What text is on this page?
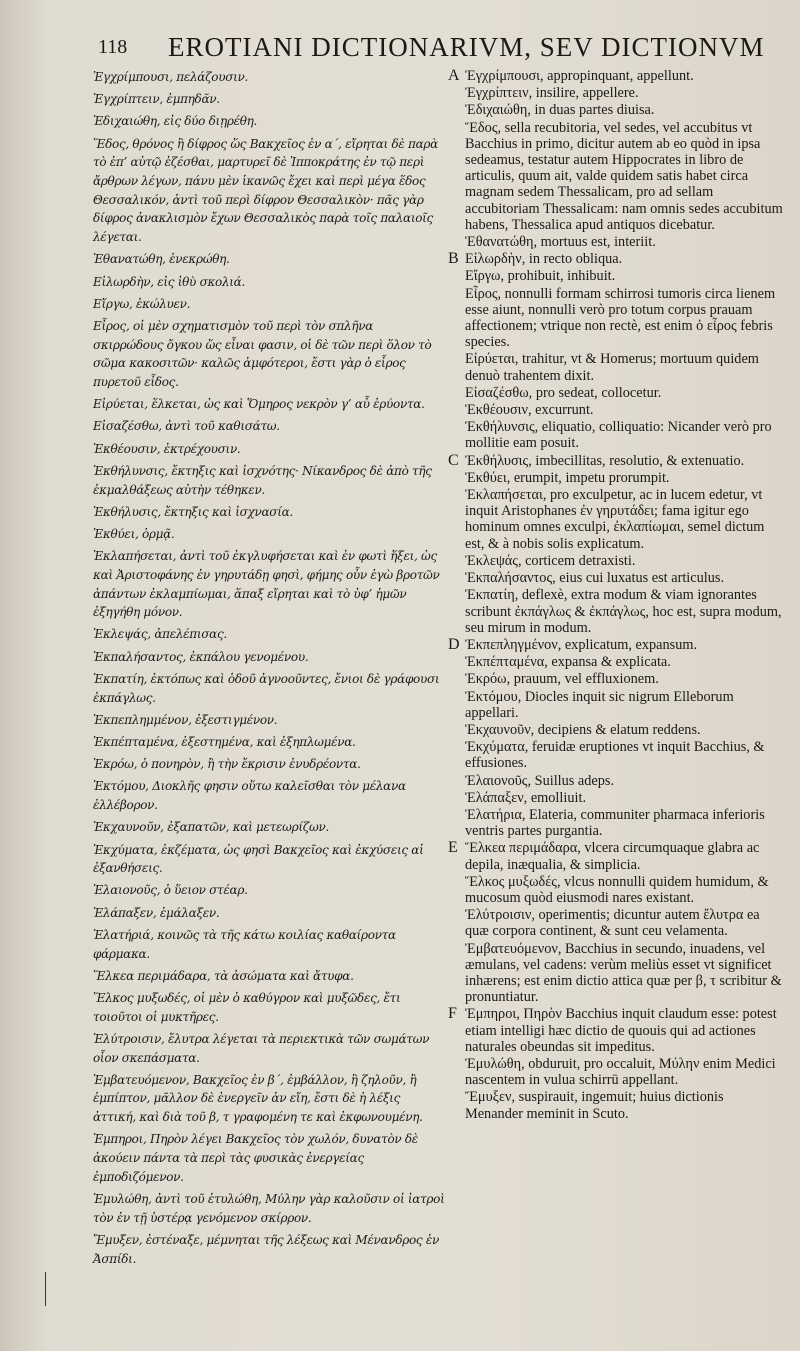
118 EROTIANI DICTIONARIVM, SEV DICTIONVM
Ἐγχρίμπουσι, πελάζουσιν.
Ἐγχρίπτειν, ἐμπηδᾶν.
Ἐδιχαιώθη, εἰς δύο διῃρέθη.
Ἕδος, θρόνος ἢ δίφρος ὥς Βακχεῖος ἐν α΄, εἴρηται δὲ παρὰ τὸ ἐπ’ αὐτῷ ἐζέσθαι, μαρτυρεῖ δὲ Ἱπποκράτης ἐν τῷ περὶ ἄρθρων λέγων, πάνυ μὲν ἱκανῶς ἔχει καὶ περὶ μέγα ἕδος Θεσσαλικόν, ἀντὶ τοῦ περὶ δίφρον Θεσσαλικὸν· πᾶς γὰρ δίφρος ἀνακλισμὸν ἔχων Θεσσαλικὸς παρὰ τοῖς παλαιοῖς λέγεται.
Ἐθανατώθη, ἐνεκρώθη.
Εἰλωρδὴν, εἰς ἰθὺ σκολιά.
Εἴργω, ἐκώλυεν.
Εἶρος, οἱ μὲν σχηματισμὸν τοῦ περὶ τὸν σπλῆνα σκιρρώδους ὄγκου ὥς εἶναι φασιν, οἱ δὲ τῶν περὶ ὅλον τὸ σῶμα κακοσιτῶν· καλῶς ἀμφότεροι, ἔστι γὰρ ὁ εἶρος πυρετοῦ εἶδος.
Εἰρύεται, ἕλκεται, ὡς καὶ Ὅμηρος νεκρὸν γ’ αὖ ἐρύοντα.
Εἰσαζέσθω, ἀντὶ τοῦ καθισάτω.
Ἐκθέουσιν, ἐκτρέχουσιν.
Ἐκθήλυνσις, ἔκτηξις καὶ ἰσχνότης· Νίκανδρος δὲ ἀπὸ τῆς ἐκμαλθάξεως αὐτὴν τέθηκεν.
Ἐκθήλυσις, ἔκτηξις καὶ ἰσχνασία.
Ἐκθύει, ὁρμᾷ.
Ἐκλαπήσεται, ἀντὶ τοῦ ἐκγλυφήσεται καὶ ἐν φωτὶ ἥξει, ὡς καὶ Ἀριστοφάνης ἐν γηρυτάδῃ φησὶ, φήμης οὖν ἐγὼ βροτῶν ἁπάντων ἐκλαμπίωμαι, ἅπαξ εἴρηται καὶ τὸ ὑφ’ ἡμῶν ἐξηγήθη μόνον.
Ἐκλεψάς, ἀπελέπισας.
Ἐκπαλήσαντος, ἐκπάλου γενομένου.
Ἐκπατίη, ἐκτόπως καὶ ὁδοῦ ἀγνοοῦντες, ἔνιοι δὲ γράφουσι ἐκπάγλως.
Ἐκπεπλημμένον, ἐξεστιγμένον.
Ἐκπέπταμένα, ἐξεστημένα, καὶ ἐξηπλωμένα.
Ἐκρόω, ὁ πονηρὸν, ἢ τὴν ἔκρισιν ἐνυδρέοντα.
Ἐκτόμου, Διοκλῆς φησιν οὕτω καλεῖσθαι τὸν μέλανα ἐλλέβορον.
Ἐκχαυνοῦν, ἐξαπατῶν, καὶ μετεωρίζων.
Ἐκχύματα, ἐκζέματα, ὡς φησὶ Βακχεῖος καὶ ἐκχύσεις αἱ ἐξανθήσεις.
Ἐλαιονοῦς, ὁ ὕειον στέαρ.
Ἐλάπαξεν, ἐμάλαξεν.
Ἐλατήριά, κοινῶς τὰ τῆς κάτω κοιλίας καθαίροντα φάρμακα.
Ἕλκεα περιμάδαρα, τὰ ἀσώματα καὶ ἄτυφα.
Ἕλκος μυξωδές, οἱ μὲν ὁ καθύγρον καὶ μυξῶδες, ἔτι τοιοῦτοι οἱ μυκτῆρες.
Ἐλύτροισιν, ἔλυτρα λέγεται τὰ περιεκτικὰ τῶν σωμάτων οἷον σκεπάσματα.
Ἐμβατευόμενον, Βακχεῖος ἐν β΄, ἐμβάλλον, ἢ ζηλοῦν, ἢ ἐμπίπτον, μᾶλλον δὲ ἐνεργεῖν ἀν εἴη, ἔστι δὲ ἡ λέξις ἀττική, καὶ διὰ τοῦ β, τ γραφομένη τε καὶ ἐκφωνουμένη.
Ἐμπηροι, Πηρὸν λέγει Βακχεῖος τὸν χωλόν, δυνατὸν δὲ ἀκούειν πάντα τὰ περὶ τὰς φυσικὰς ἐνεργείας ἐμποδιζόμενον.
Ἐμυλώθη, ἀντὶ τοῦ ἐτυλώθη, Μύλην γὰρ καλοῦσιν οἱ ἰατροὶ τὸν ἐν τῇ ὑστέρᾳ γενόμενον σκίρρον.
Ἔμυξεν, ἐστέναξε, μέμνηται τῆς λέξεως καὶ Μένανδρος ἐν Ἀσπίδι.
A Ἐγχρίμπουσι, appropinquant, appellunt.
Ἐγχρίπτειν, insilire, appellere.
Ἐδιχαιώθη, in duas partes diuisa.
Ἕδος, sella recubitoria, vel sedes, vel accubitus vt Bacchius in primo, dicitur autem ab eo quòd in ipsa sedeamus, testatur autem Hippocrates in libro de articulis, quum ait, valde quidem satis habet circa magnam sedem Thessalicam, pro ad sellam accubitoriam Thessalicam: nam omnis sedes accubitum habens, Thessalica apud antiquos dicebatur.
Ἐθανατώθη, mortuus est, interiit.
B Εἰλωρδὴν, in recto obliqua.
Εἴργω, prohibuit, inhibuit.
Εἶρος, nonnulli formam schirrosi tumoris circa lienem esse aiunt, nonnulli verò pro totum corpus prauam affectionem; vtrique non rectè, est enim ὁ εἶρος febris species.
Εἰρύεται, trahitur, vt & Homerus; mortuum quidem denuò trahentem dixit.
Εἰσαζέσθω, pro sedeat, collocetur.
Ἐκθέουσιν, excurrunt.
Ἐκθήλυνσις, eliquatio, colliquatio: Nicander verò pro mollitie eam posuit.
C Ἐκθήλυσις, imbecillitas, resolutio, & extenuatio.
Ἐκθύει, erumpit, impetu prorumpit.
Ἐκλαπήσεται, pro exculpetur, ac in lucem edetur, vt inquit Aristophanes ἐν γηρυτάδει; fama igitur ego hominum omnes exculpi, ἐκλαπίωμαι, semel dictum est, & à nobis solis explicatum.
Ἐκλεψάς, corticem detraxisti.
Ἐκπαλήσαντος, eius cui luxatus est articulus.
Ἐκπατίη, deflexè, extra modum & viam ignorantes scribunt ἐκπάγλως & ἐκπάγλως, hoc est, supra modum, seu mirum in modum.
D Ἐκπεπληγμένον, explicatum, expansum.
Ἐκπέπταμένα, expansa & explicata.
Ἐκρόω, prauum, vel effluxionem.
Ἐκτόμου, Diocles inquit sic nigrum Elleborum appellari.
Ἐκχαυνοῦν, decipiens & elatum reddens.
Ἐκχύματα, feruidæ eruptiones vt inquit Bacchius, & effusiones.
Ἐλαιονοῦς, Suillus adeps.
Ἐλάπαξεν, emolliuit.
Ἐλατήρια, Elateria, communiter pharmaca inferioris ventris partes purgantia.
E Ἕλκεα περιμάδαρα, vlcera circumquaque glabra ac depila, inæqualia, & simplicia.
Ἕλκος μυξωδές, vlcus nonnulli quidem humidum, & mucosum quòd eiusmodi nares existant.
Ἐλύτροισιν, operimentis; dicuntur autem ἔλυτρα ea quæ corpora continent, & sunt ceu velamenta.
Ἐμβατευόμενον, Bacchius in secundo, inuadens, vel æmulans, vel cadens: verùm meliùs esset vt significet inhærens; est enim dictio attica quæ per β, τ scribitur & pronuntiatur.
F Ἐμπηροι, Πηρὸν Bacchius inquit claudum esse: potest etiam intelligi hæc dictio de quouis qui ad actiones naturales obeundas sit impeditus.
Ἐμυλώθη, obduruit, pro occaluit, Μύλην enim Medici nascentem in vulua schirrū appellant.
Ἔμυξεν, suspirauit, ingemuit; huius dictionis Menander meminit in Scuto.
